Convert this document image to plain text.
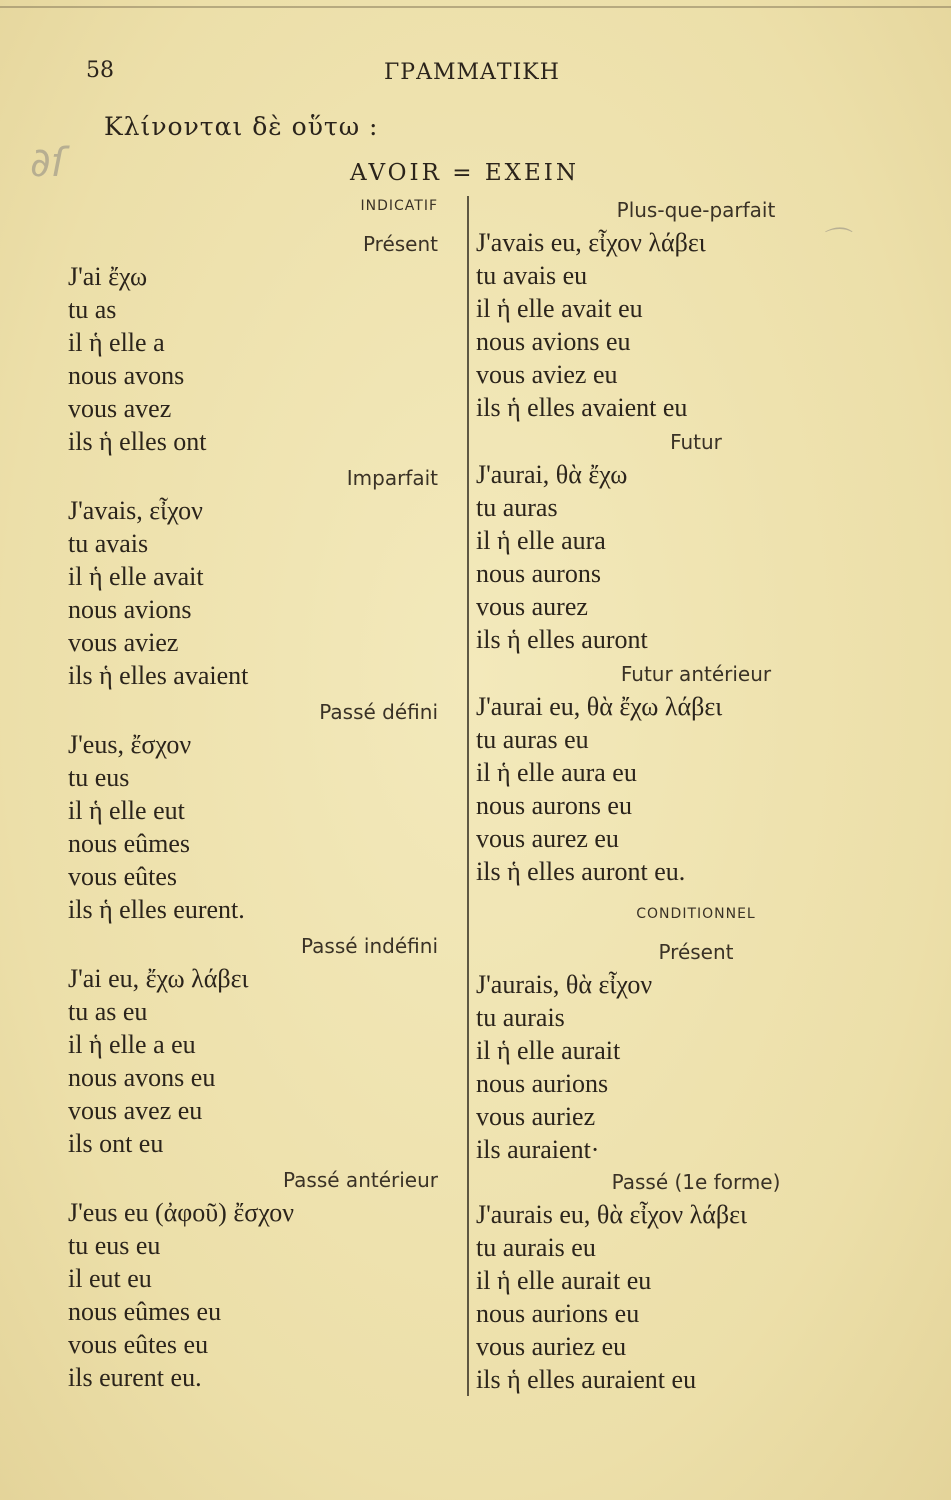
58	ΓΡΑΜΜΑΤΙΚΗ
Κλίνονται δὲ οὕτω :
AVOIR = ΕΧΕΙΝ
∂ſ
⌒
INDICATIF
Présent
J'ai ἔχω
tu as
il ἡ elle a
nous avons
vous avez
ils ἡ elles ont
Imparfait
J'avais, εἶχον
tu avais
il ἡ elle avait
nous avions
vous aviez
ils ἡ elles avaient
Passé défini
J'eus, ἔσχον
tu eus
il ἡ elle eut
nous eûmes
vous eûtes
ils ἡ elles eurent.
Passé indéfini
J'ai eu, ἔχω λάβει
tu as eu
il ἡ elle a eu
nous avons eu
vous avez eu
ils ont eu
Passé antérieur
J'eus eu (ἀφοῦ) ἔσχον
tu eus eu
il eut eu
nous eûmes eu
vous eûtes eu
ils eurent eu.
Plus-que-parfait
J'avais eu, εἶχον λάβει
tu avais eu
il ἡ elle avait eu
nous avions eu
vous aviez eu
ils ἡ elles avaient eu
Futur
J'aurai, θὰ ἔχω
tu auras
il ἡ elle aura
nous aurons
vous aurez
ils ἡ elles auront
Futur antérieur
J'aurai eu, θὰ ἔχω λάβει
tu auras eu
il ἡ elle aura eu
nous aurons eu
vous aurez eu
ils ἡ elles auront eu.
CONDITIONNEL
Présent
J'aurais, θὰ εἶχον
tu aurais
il ἡ elle aurait
nous aurions
vous auriez
ils auraient·
Passé (1e forme)
J'aurais eu, θὰ εἶχον λάβει
tu aurais eu
il ἡ elle aurait eu
nous aurions eu
vous auriez eu
ils ἡ elles auraient eu
